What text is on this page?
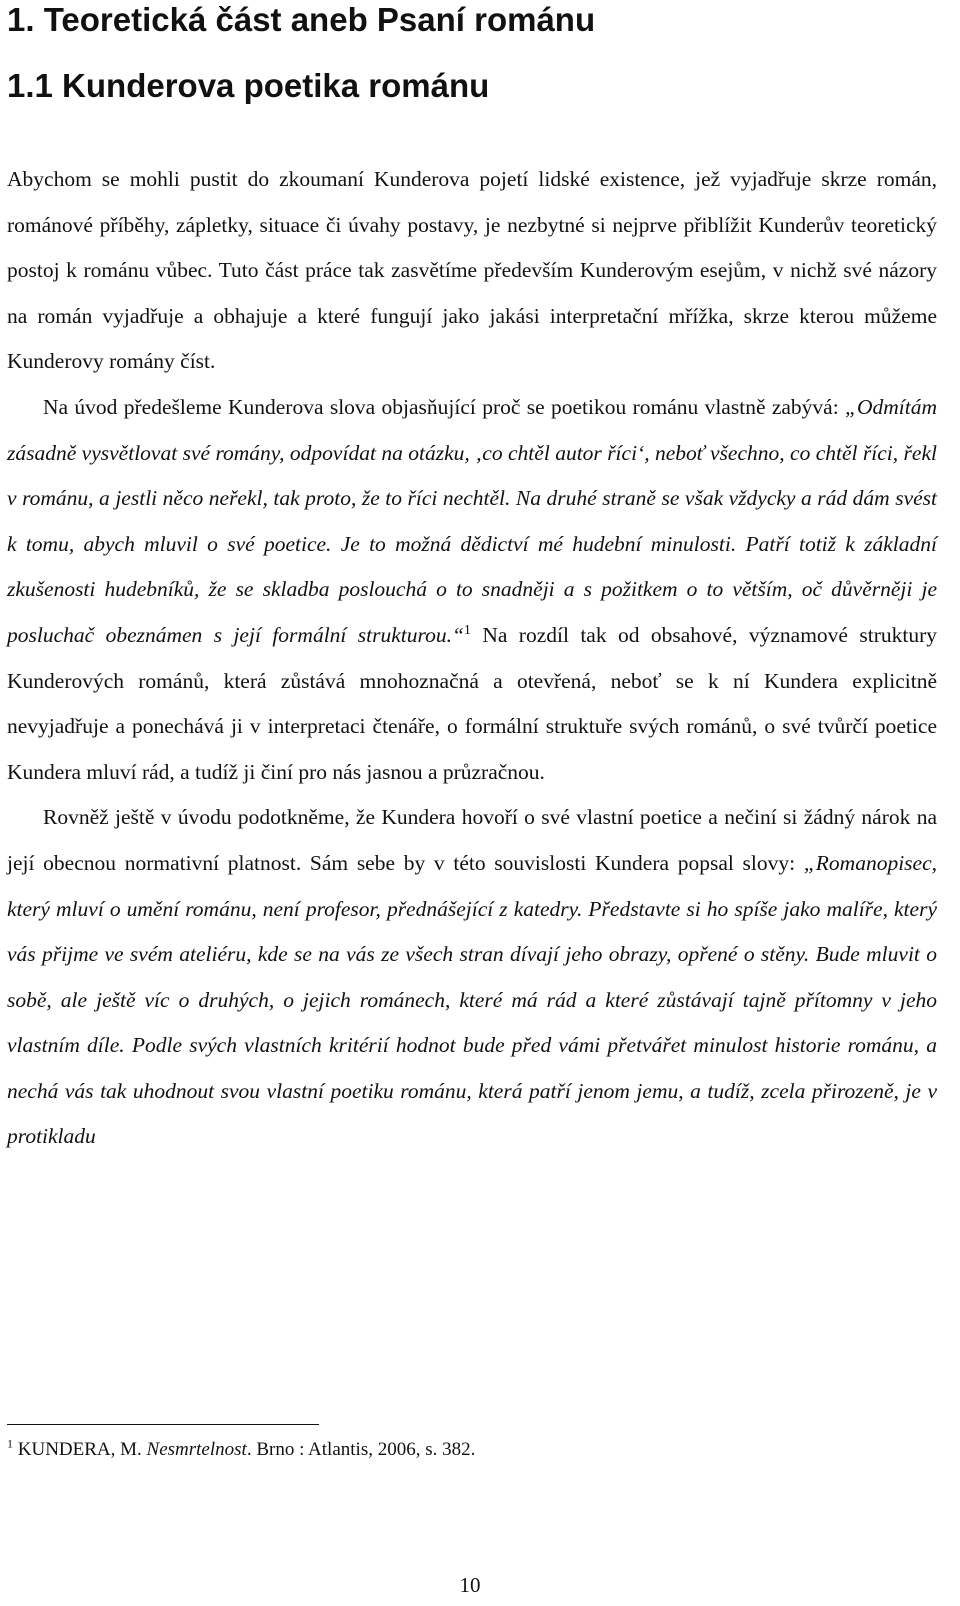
1. Teoretická část aneb Psaní románu
1.1 Kunderova poetika románu

Abychom se mohli pustit do zkoumaní Kunderova pojetí lidské existence, jež vyjadřuje skrze román, románové příběhy, zápletky, situace či úvahy postavy, je nezbytné si nejprve přiblížit Kunderův teoretický postoj k románu vůbec. Tuto část práce tak zasvětíme především Kunderovým esejům, v nichž své názory na román vyjadřuje a obhajuje a které fungují jako jakási interpretační mřížka, skrze kterou můžeme Kunderovy romány číst.

Na úvod předešleme Kunderova slova objasňující proč se poetikou románu vlastně zabývá: „Odmítám zásadně vysvětlovat své romány, odpovídat na otázku, ‚co chtěl autor říci‘, neboť všechno, co chtěl říci, řekl v románu, a jestli něco neřekl, tak proto, že to říci nechtěl. Na druhé straně se však vždycky a rád dám svést k tomu, abych mluvil o své poetice. Je to možná dědictví mé hudební minulosti. Patří totiž k základní zkušenosti hudebníků, že se skladba poslouchá o to snadněji a s požitkem o to větším, oč důvěrněji je posluchač obeznámen s její formální strukturou.“$^1$ Na rozdíl tak od obsahové, významové struktury Kunderových románů, která zůstává mnohoznačná a otevřená, neboť se k ní Kundera explicitně nevyjadřuje a ponechává ji v interpretaci čtenáře, o formální struktuře svých románů, o své tvůrčí poetice Kundera mluví rád, a tudíž ji činí pro nás jasnou a průzračnou.

Rovněž ještě v úvodu podotkněme, že Kundera hovoří o své vlastní poetice a nečiní si žádný nárok na její obecnou normativní platnost. Sám sebe by v této souvislosti Kundera popsal slovy: „Romanopisec, který mluví o umění románu, není profesor, přednášející z katedry. Představte si ho spíše jako malíře, který vás přijme ve svém ateliéru, kde se na vás ze všech stran dívají jeho obrazy, opřené o stěny. Bude mluvit o sobě, ale ještě víc o druhých, o jejich románech, které má rád a které zůstávají tajně přítomny v jeho vlastním díle. Podle svých vlastních kritérií hodnot bude před vámi přetvářet minulost historie románu, a nechá vás tak uhodnout svou vlastní poetiku románu, která patří jenom jemu, a tudíž, zcela přirozeně, je v protikladu

$^1$ KUNDERA, M. Nesmrtelnost. Brno : Atlantis, 2006, s. 382.
10
